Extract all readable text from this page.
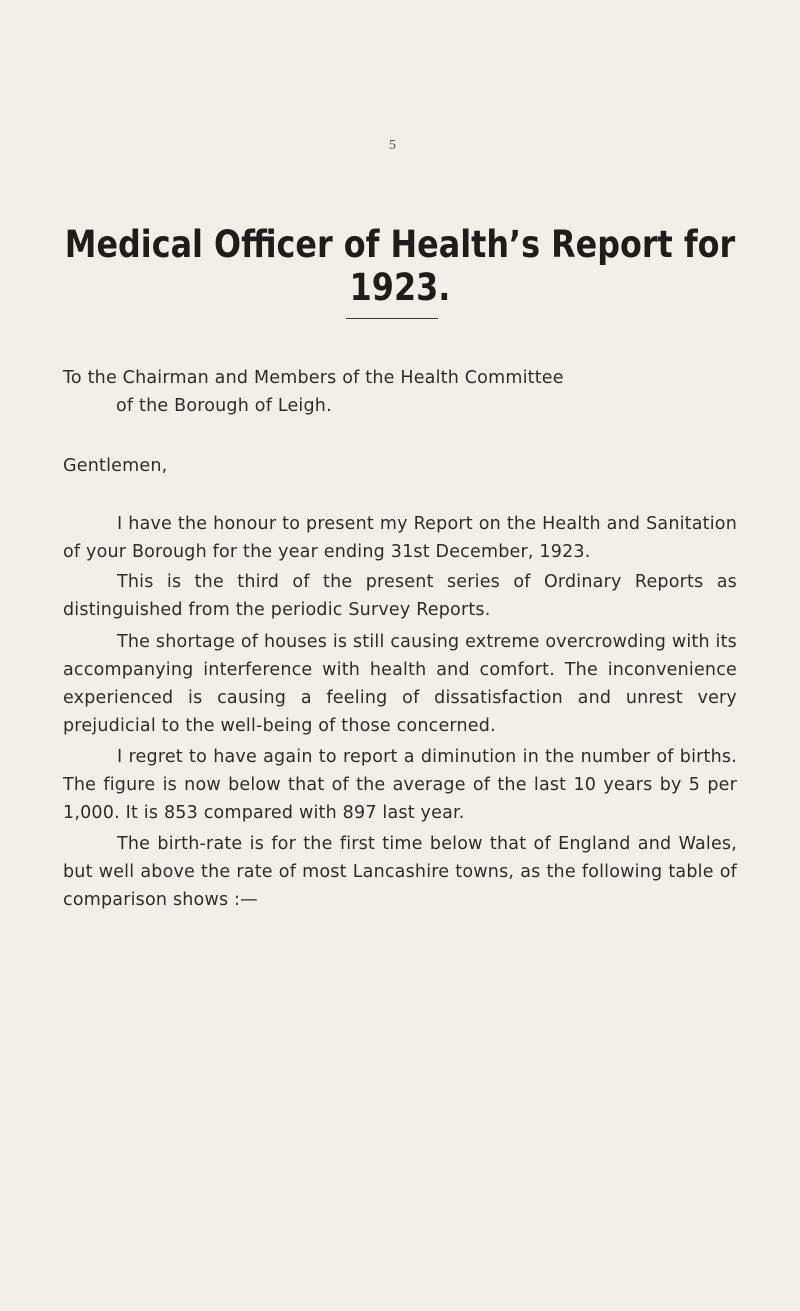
5
Medical Officer of Health’s Report for 1923.

To the Chairman and Members of the Health Committee

of the Borough of Leigh.

Gentlemen,

I have the honour to present my Report on the Health and Sanitation of your Borough for the year ending 31st December, 1923.

This is the third of the present series of Ordinary Reports as distinguished from the periodic Survey Reports.

The shortage of houses is still causing extreme overcrowding with its accompanying interference with health and comfort. The inconvenience experienced is causing a feeling of dissatisfaction and unrest very prejudicial to the well-being of those concerned.

I regret to have again to report a diminution in the number of births. The figure is now below that of the average of the last 10 years by 5 per 1,000. It is 853 compared with 897 last year.

The birth-rate is for the first time below that of England and Wales, but well above the rate of most Lancashire towns, as the following table of comparison shows :—
